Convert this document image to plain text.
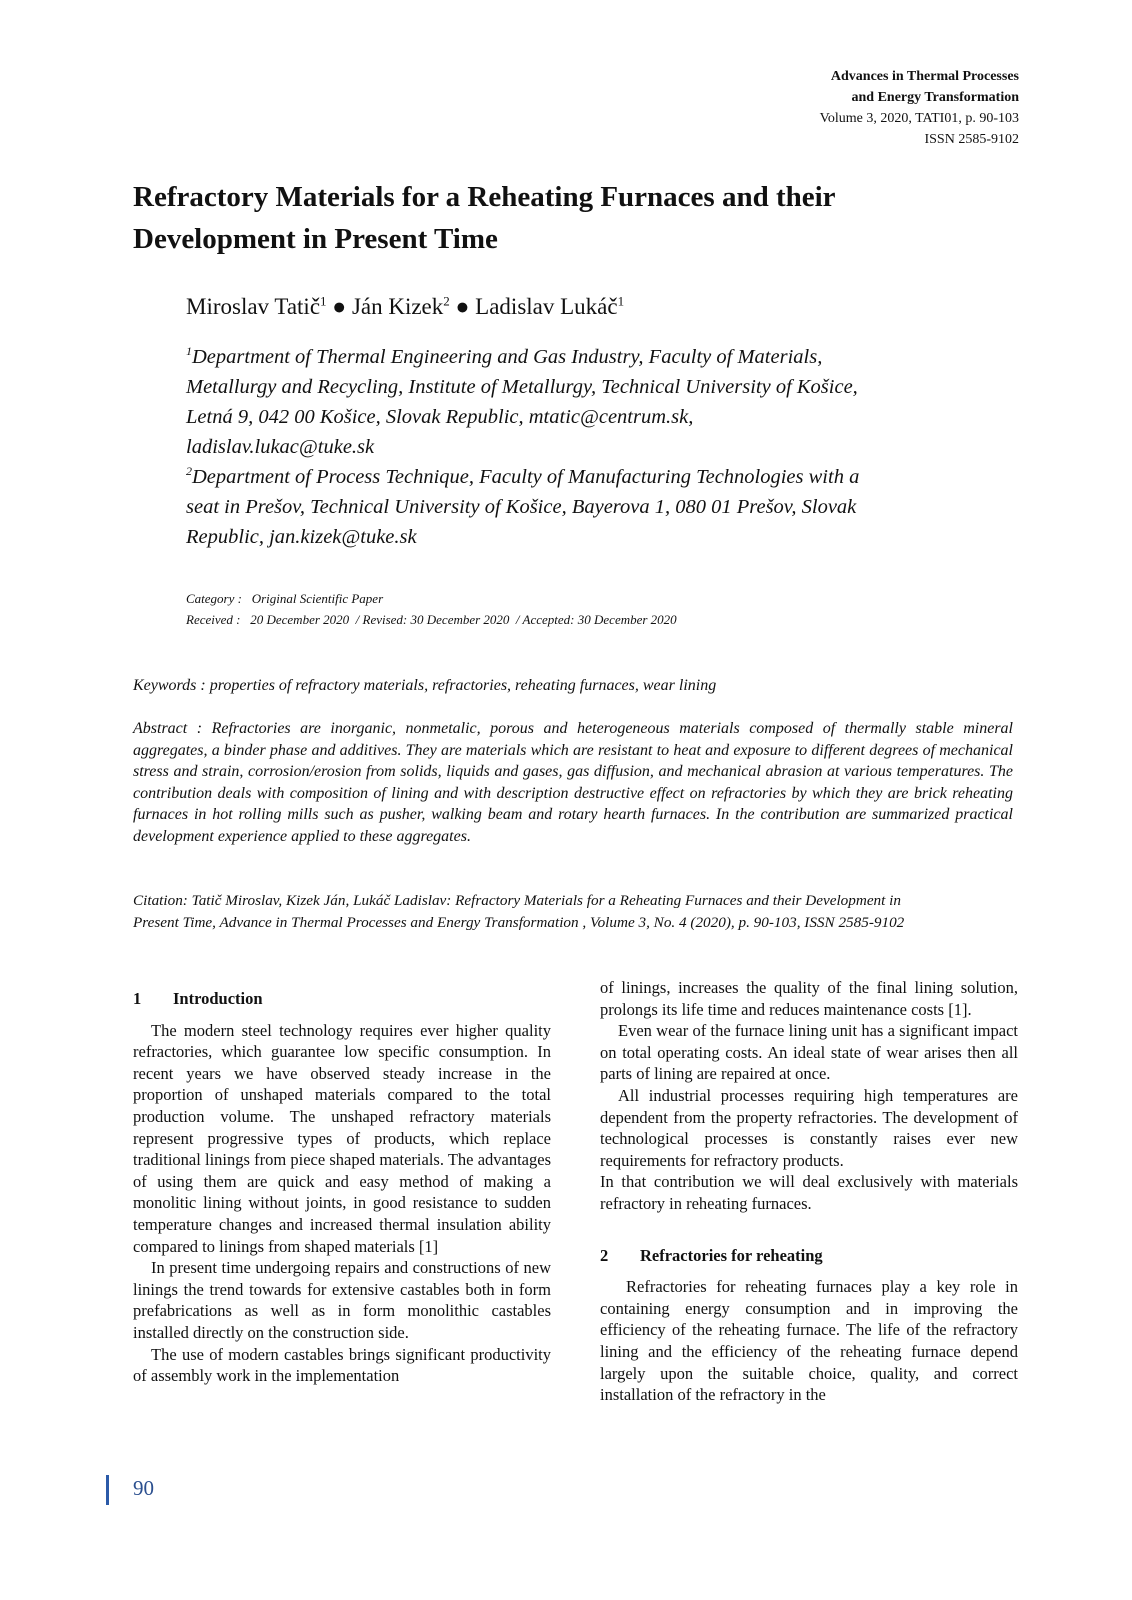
Advances in Thermal Processes
and Energy Transformation
Volume 3, 2020, TATI01, p. 90-103
ISSN 2585-9102
Refractory Materials for a Reheating Furnaces and their
Development in Present Time
Miroslav Tatič$^1$ ● Ján Kizek$^2$ ● Ladislav Lukáč$^1$
$^1$Department of Thermal Engineering and Gas Industry, Faculty of Materials,
Metallurgy and Recycling, Institute of Metallurgy, Technical University of Košice,
Letná 9, 042 00 Košice, Slovak Republic, mtatic@centrum.sk,
ladislav.lukac@tuke.sk
$^2$Department of Process Technique, Faculty of Manufacturing Technologies with a
seat in Prešov, Technical University of Košice, Bayerova 1, 080 01 Prešov, Slovak
Republic, jan.kizek@tuke.sk
Category :   Original Scientific Paper
Received :   20 December 2020  / Revised: 30 December 2020  / Accepted: 30 December 2020
Keywords : properties of refractory materials, refractories, reheating furnaces, wear lining
Abstract : Refractories are inorganic, nonmetalic, porous and heterogeneous materials composed of thermally stable mineral aggregates, a binder phase and additives. They are materials which are resistant to heat and exposure to different degrees of mechanical stress and strain, corrosion/erosion from solids, liquids and gases, gas diffusion, and mechanical abrasion at various temperatures. The contribution deals with composition of lining and with description destructive effect on refractories by which they are brick reheating furnaces in hot rolling mills such as pusher, walking beam and rotary hearth furnaces. In the contribution are summarized practical development experience applied to these aggregates.
Citation: Tatič Miroslav, Kizek Ján, Lukáč Ladislav: Refractory Materials for a Reheating Furnaces and their Development in
Present Time, Advance in Thermal Processes and Energy Transformation , Volume 3, No. 4 (2020), p. 90-103, ISSN 2585-9102
1	Introduction

The modern steel technology requires ever higher quality refractories, which guarantee low specific consumption. In recent years we have observed steady increase in the proportion of unshaped materials compared to the total production volume. The unshaped refractory materials represent progressive types of products, which replace traditional linings from piece shaped materials. The advantages of using them are quick and easy method of making a monolitic lining without joints, in good resistance to sudden temperature changes and increased thermal insulation ability compared to linings from shaped materials [1]

In present time undergoing repairs and constructions of new linings the trend towards for extensive castables both in form prefabrications as well as in form monolithic castables installed directly on the construction side.

The use of modern castables brings significant productivity of assembly work in the implementation

of linings, increases the quality of the final lining solution, prolongs its life time and reduces maintenance costs [1].

Even wear of the furnace lining unit has a significant impact on total operating costs. An ideal state of wear arises then all parts of lining are repaired at once.

All industrial processes requiring high temperatures are dependent from the property refractories. The development of technological processes is constantly raises ever new requirements for refractory products.

In that contribution we will deal exclusively with materials refractory in reheating furnaces.

2	Refractories for reheating

Refractories for reheating furnaces play a key role in containing energy consumption and in improving the efficiency of the reheating furnace. The life of the refractory lining and the efficiency of the reheating furnace depend largely upon the suitable choice, quality, and correct installation of the refractory in the

90
